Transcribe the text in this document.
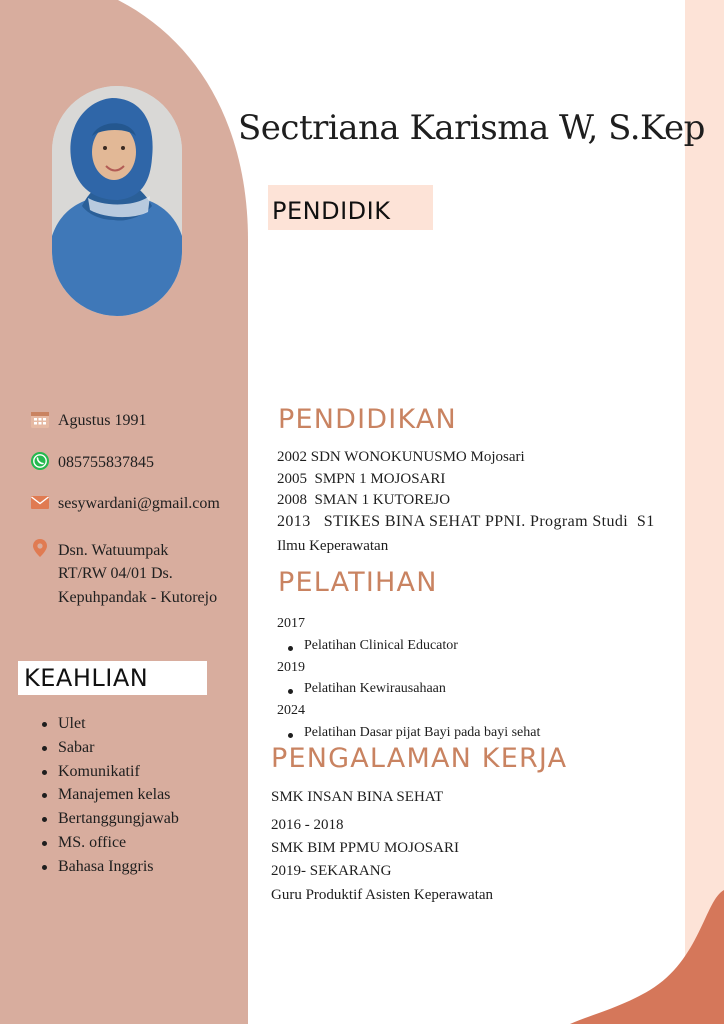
Sectriana Karisma W, S.Kep
PENDIDIK
Agustus 1991
085755837845
sesywardani@gmail.com
Dsn. Watuumpak
RT/RW 04/01 Ds.
Kepuhpandak - Kutorejo
KEAHLIAN
Ulet
Sabar
Komunikatif
Manajemen kelas
Bertanggungjawab
MS. office
Bahasa Inggris
PENDIDIKAN
2002 SDN WONOKUNUSMO Mojosari
2005  SMPN 1 MOJOSARI
2008  SMAN 1 KUTOREJO
2013   STIKES BINA SEHAT PPNI. Program Studi  S1
Ilmu Keperawatan
PELATIHAN
2017
Pelatihan Clinical Educator
2019
Pelatihan Kewirausahaan
2024
Pelatihan Dasar pijat Bayi pada bayi sehat
PENGALAMAN KERJA
SMK INSAN BINA SEHAT
2016 - 2018
SMK BIM PPMU MOJOSARI
2019- SEKARANG
Guru Produktif Asisten Keperawatan
